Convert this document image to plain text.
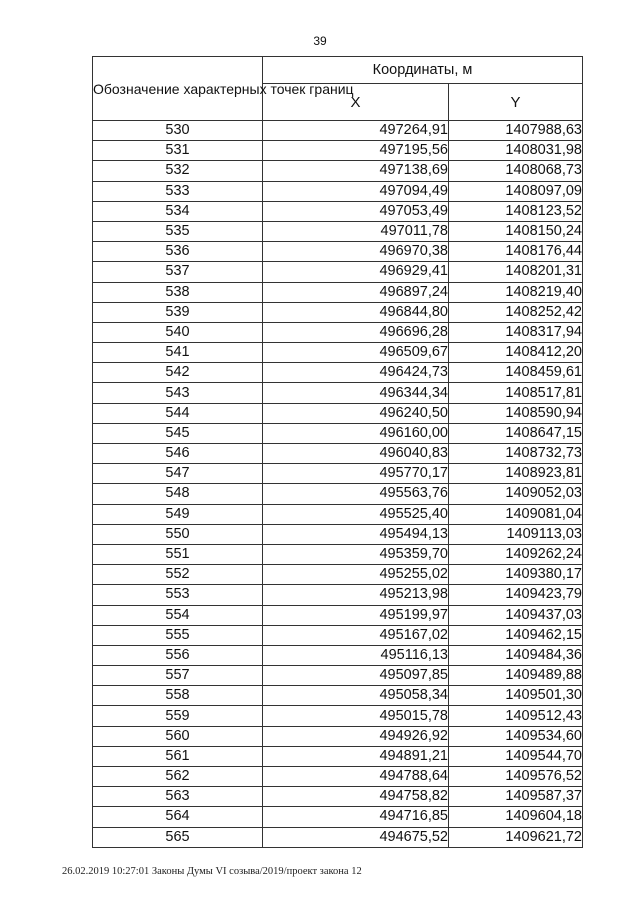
39
Обозначение характерных точек границ	Координаты, м	
	X	Y
530	497264,91	1407988,63
531	497195,56	1408031,98
532	497138,69	1408068,73
533	497094,49	1408097,09
534	497053,49	1408123,52
535	497011,78	1408150,24
536	496970,38	1408176,44
537	496929,41	1408201,31
538	496897,24	1408219,40
539	496844,80	1408252,42
540	496696,28	1408317,94
541	496509,67	1408412,20
542	496424,73	1408459,61
543	496344,34	1408517,81
544	496240,50	1408590,94
545	496160,00	1408647,15
546	496040,83	1408732,73
547	495770,17	1408923,81
548	495563,76	1409052,03
549	495525,40	1409081,04
550	495494,13	1409113,03
551	495359,70	1409262,24
552	495255,02	1409380,17
553	495213,98	1409423,79
554	495199,97	1409437,03
555	495167,02	1409462,15
556	495116,13	1409484,36
557	495097,85	1409489,88
558	495058,34	1409501,30
559	495015,78	1409512,43
560	494926,92	1409534,60
561	494891,21	1409544,70
562	494788,64	1409576,52
563	494758,82	1409587,37
564	494716,85	1409604,18
565	494675,52	1409621,72
26.02.2019 10:27:01 Законы Думы VI созыва/2019/проект закона 12
